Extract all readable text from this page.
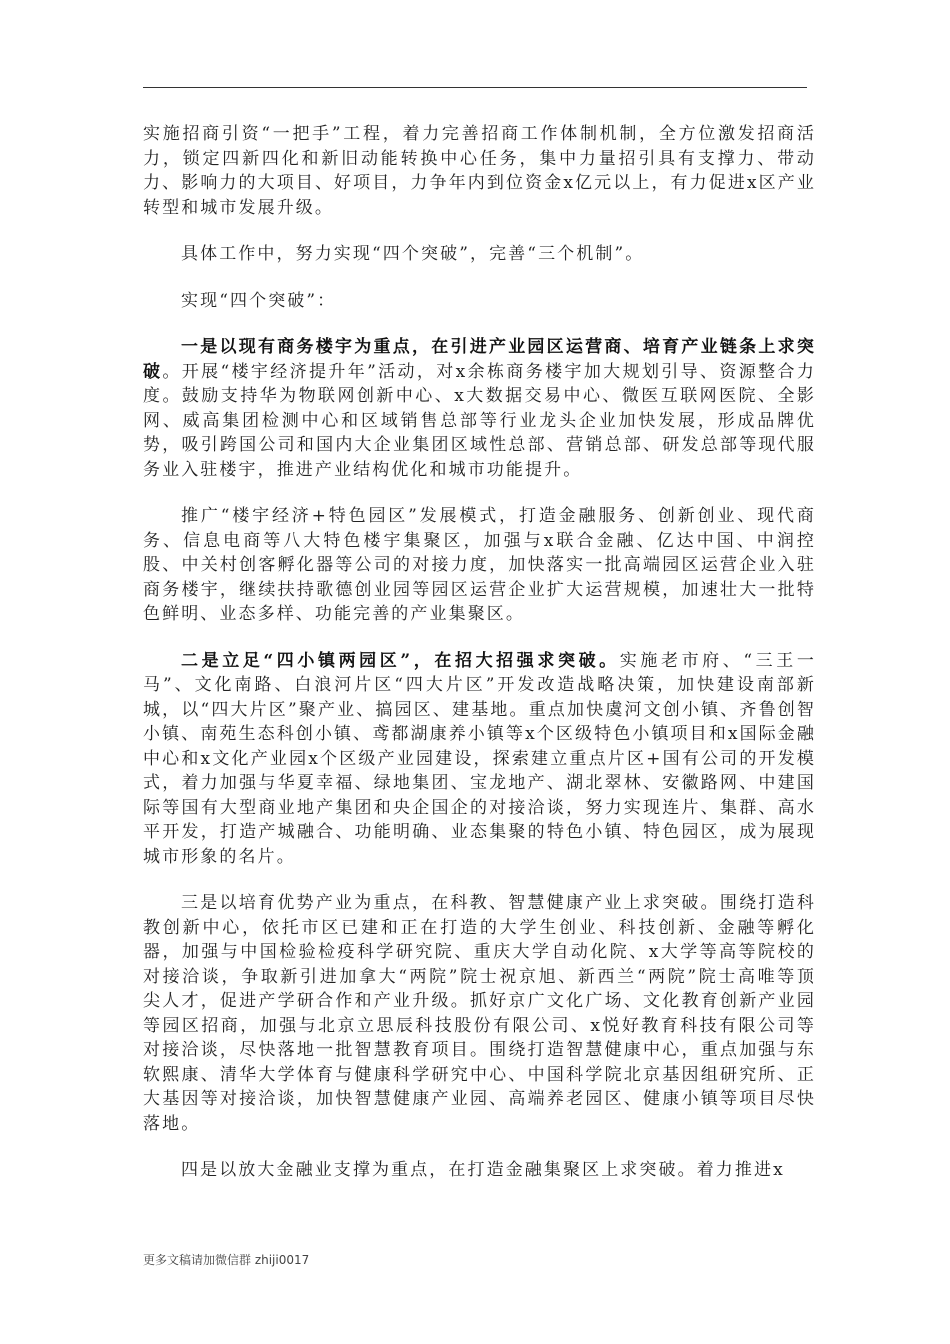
实施招商引资“一把手”工程，着力完善招商工作体制机制，全方位激发招商活力，锁定四新四化和新旧动能转换中心任务，集中力量招引具有支撑力、带动力、影响力的大项目、好项目，力争年内到位资金x亿元以上，有力促进x区产业转型和城市发展升级。

具体工作中，努力实现“四个突破”，完善“三个机制”。

实现“四个突破”：

一是以现有商务楼宇为重点，在引进产业园区运营商、培育产业链条上求突破。开展“楼宇经济提升年”活动，对x余栋商务楼宇加大规划引导、资源整合力度。鼓励支持华为物联网创新中心、x大数据交易中心、微医互联网医院、全影网、威高集团检测中心和区域销售总部等行业龙头企业加快发展，形成品牌优势，吸引跨国公司和国内大企业集团区域性总部、营销总部、研发总部等现代服务业入驻楼宇，推进产业结构优化和城市功能提升。

推广“楼宇经济+特色园区”发展模式，打造金融服务、创新创业、现代商务、信息电商等八大特色楼宇集聚区，加强与x联合金融、亿达中国、中润控股、中关村创客孵化器等公司的对接力度，加快落实一批高端园区运营企业入驻商务楼宇，继续扶持歌德创业园等园区运营企业扩大运营规模，加速壮大一批特色鲜明、业态多样、功能完善的产业集聚区。

二是立足“四小镇两园区”，在招大招强求突破。实施老市府、“三王一马”、文化南路、白浪河片区“四大片区”开发改造战略决策，加快建设南部新城，以“四大片区”聚产业、搞园区、建基地。重点加快虞河文创小镇、齐鲁创智小镇、南苑生态科创小镇、鸢都湖康养小镇等x个区级特色小镇项目和x国际金融中心和x文化产业园x个区级产业园建设，探索建立重点片区+国有公司的开发模式，着力加强与华夏幸福、绿地集团、宝龙地产、湖北翠林、安徽路网、中建国际等国有大型商业地产集团和央企国企的对接洽谈，努力实现连片、集群、高水平开发，打造产城融合、功能明确、业态集聚的特色小镇、特色园区，成为展现城市形象的名片。

三是以培育优势产业为重点，在科教、智慧健康产业上求突破。围绕打造科教创新中心，依托市区已建和正在打造的大学生创业、科技创新、金融等孵化器，加强与中国检验检疫科学研究院、重庆大学自动化院、x大学等高等院校的对接洽谈，争取新引进加拿大“两院”院士祝京旭、新西兰“两院”院士高唯等顶尖人才，促进产学研合作和产业升级。抓好京广文化广场、文化教育创新产业园等园区招商，加强与北京立思辰科技股份有限公司、x悦好教育科技有限公司等对接洽谈，尽快落地一批智慧教育项目。围绕打造智慧健康中心，重点加强与东软熙康、清华大学体育与健康科学研究中心、中国科学院北京基因组研究所、正大基因等对接洽谈，加快智慧健康产业园、高端养老园区、健康小镇等项目尽快落地。

四是以放大金融业支撑为重点，在打造金融集聚区上求突破。着力推进x

更多文稿请加微信群 zhiji0017
